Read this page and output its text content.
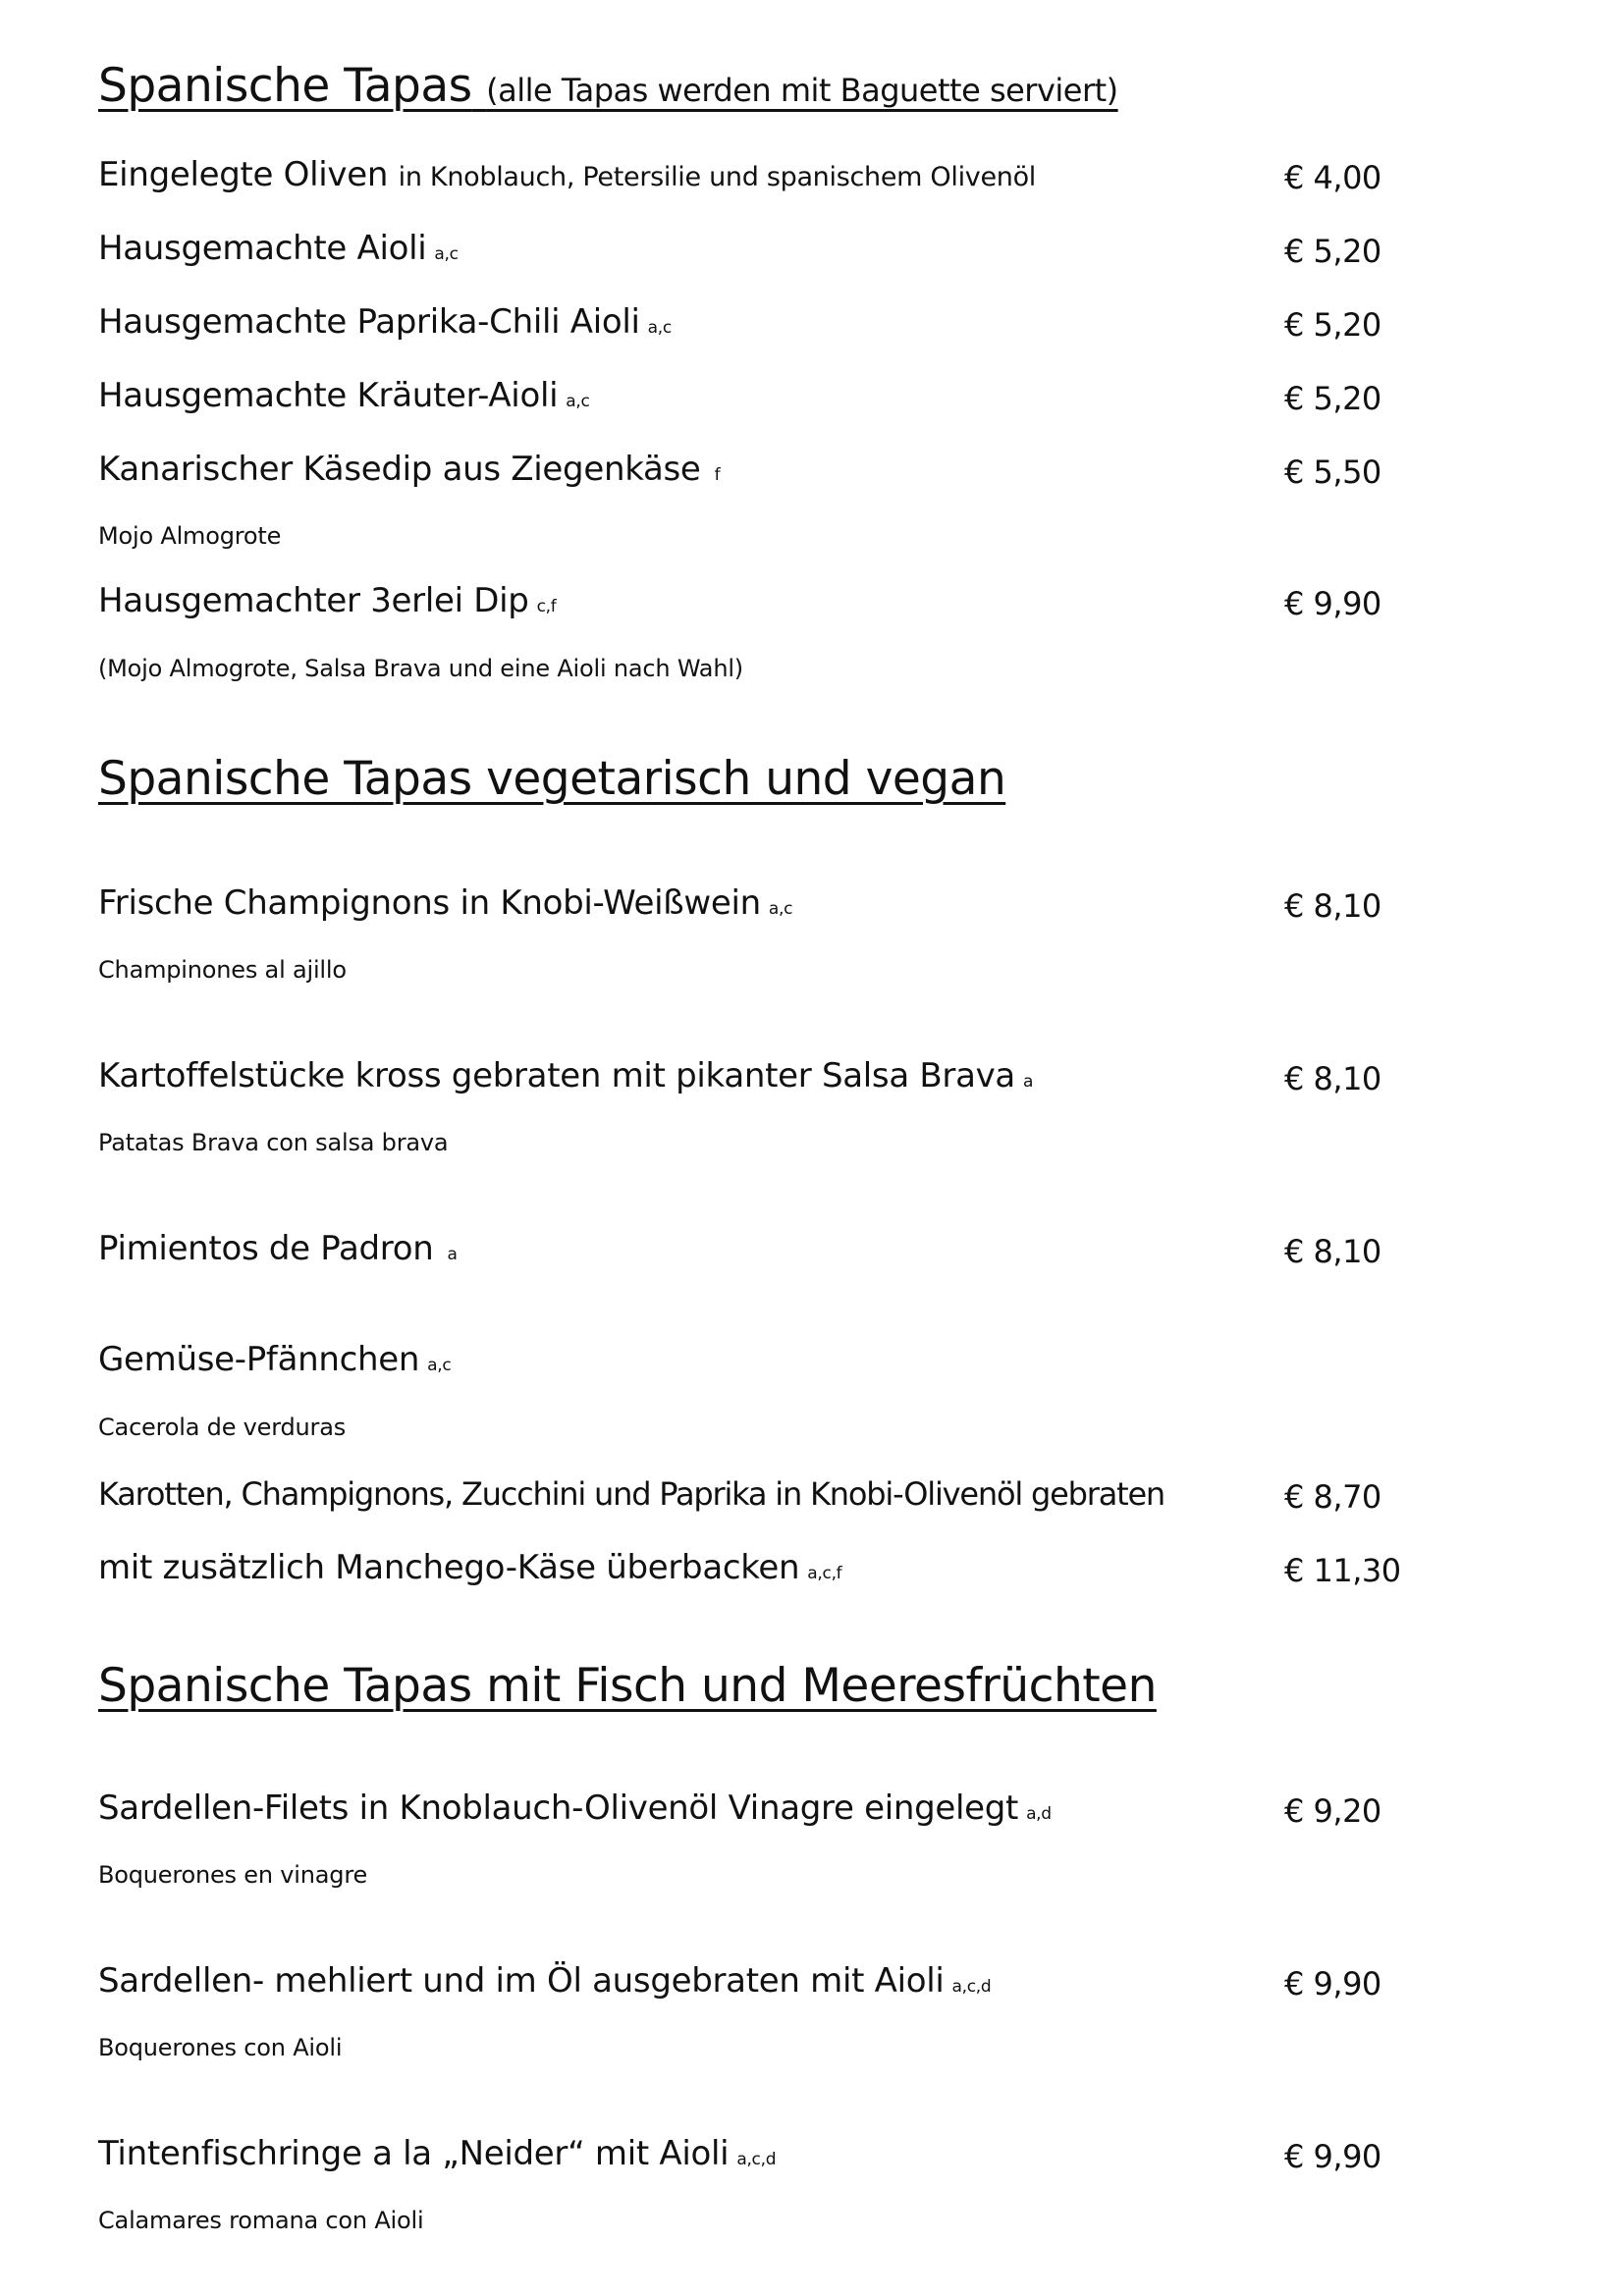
Spanische Tapas (alle Tapas werden mit Baguette serviert)
Eingelegte Oliven in Knoblauch, Petersilie und spanischem Olivenöl	€ 4,00
Hausgemachte Aioli a,c	€ 5,20
Hausgemachte Paprika-Chili Aioli a,c	€ 5,20
Hausgemachte Kräuter-Aioli a,c	€ 5,20
Kanarischer Käsedip aus Ziegenkäse f	€ 5,50
Mojo Almogrote
Hausgemachter 3erlei Dip c,f	€ 9,90
(Mojo Almogrote, Salsa Brava und eine Aioli nach Wahl)
Spanische Tapas vegetarisch und vegan
Frische Champignons in Knobi-Weißwein a,c	€ 8,10
Champinones al ajillo
Kartoffelstücke kross gebraten mit pikanter Salsa Brava a	€ 8,10
Patatas Brava con salsa brava
Pimientos de Padron a	€ 8,10
Gemüse-Pfännchen a,c
Cacerola de verduras
Karotten, Champignons, Zucchini und Paprika in Knobi-Olivenöl gebraten	€ 8,70
mit zusätzlich Manchego-Käse überbacken a,c,f	€ 11,30
Spanische Tapas mit Fisch und Meeresfrüchten
Sardellen-Filets in Knoblauch-Olivenöl Vinagre eingelegt a,d	€ 9,20
Boquerones en vinagre
Sardellen- mehliert und im Öl ausgebraten mit Aioli a,c,d	€ 9,90
Boquerones con Aioli
Tintenfischringe a la „Neider“ mit Aioli a,c,d	€ 9,90
Calamares romana con Aioli
